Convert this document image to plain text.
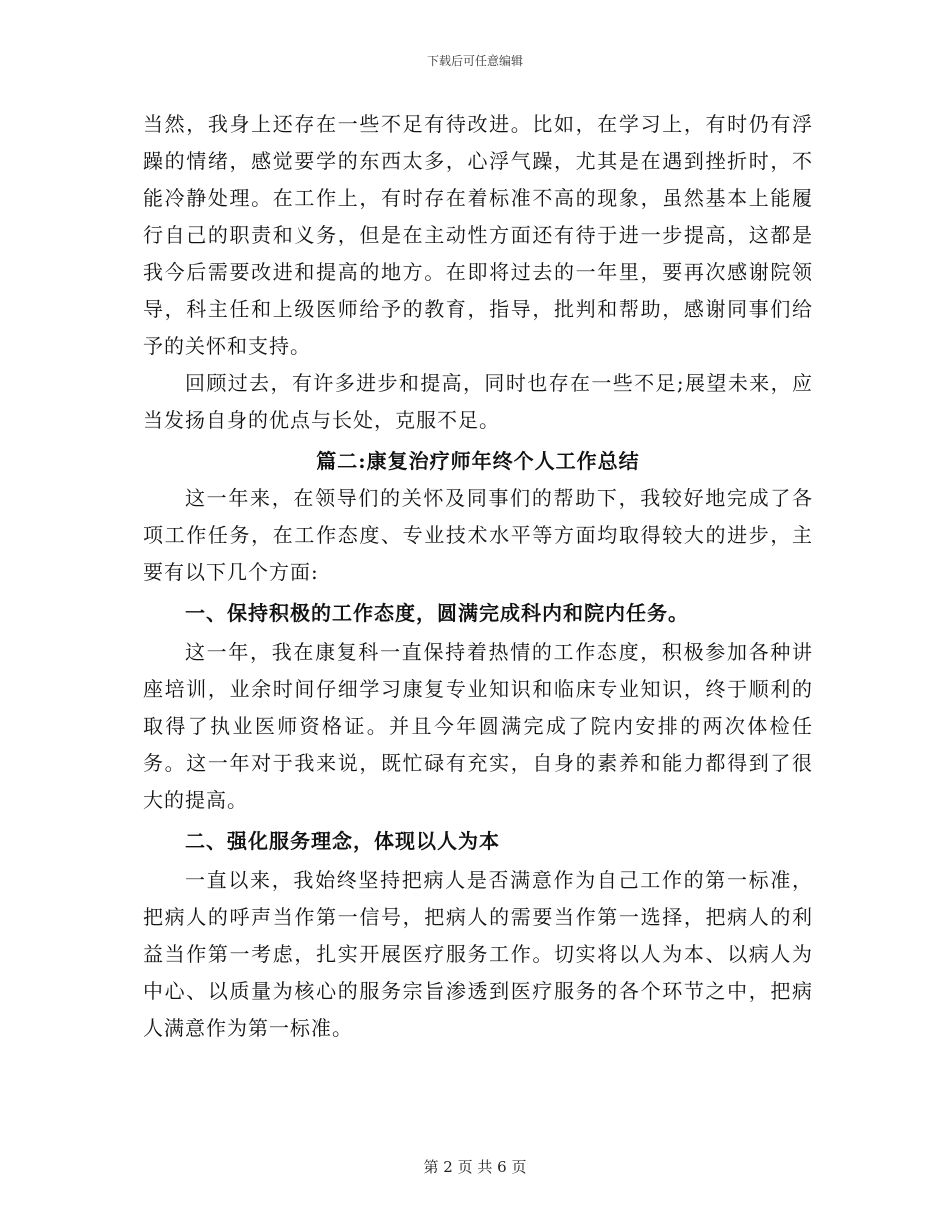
下载后可任意编辑

当然，我身上还存在一些不足有待改进。比如，在学习上，有时仍有浮躁的情绪，感觉要学的东西太多，心浮气躁，尤其是在遇到挫折时，不能冷静处理。在工作上，有时存在着标准不高的现象，虽然基本上能履行自己的职责和义务，但是在主动性方面还有待于进一步提高，这都是我今后需要改进和提高的地方。在即将过去的一年里，要再次感谢院领导，科主任和上级医师给予的教育，指导，批判和帮助，感谢同事们给予的关怀和支持。

回顾过去，有许多进步和提高，同时也存在一些不足;展望未来，应当发扬自身的优点与长处，克服不足。

篇二:康复治疗师年终个人工作总结

这一年来，在领导们的关怀及同事们的帮助下，我较好地完成了各项工作任务，在工作态度、专业技术水平等方面均取得较大的进步，主要有以下几个方面:

一、保持积极的工作态度，圆满完成科内和院内任务。

这一年，我在康复科一直保持着热情的工作态度，积极参加各种讲座培训，业余时间仔细学习康复专业知识和临床专业知识，终于顺利的取得了执业医师资格证。并且今年圆满完成了院内安排的两次体检任务。这一年对于我来说，既忙碌有充实，自身的素养和能力都得到了很大的提高。

二、强化服务理念，体现以人为本

一直以来，我始终坚持把病人是否满意作为自己工作的第一标准，把病人的呼声当作第一信号，把病人的需要当作第一选择，把病人的利益当作第一考虑，扎实开展医疗服务工作。切实将以人为本、以病人为中心、以质量为核心的服务宗旨渗透到医疗服务的各个环节之中，把病人满意作为第一标准。

第 2 页 共 6 页
